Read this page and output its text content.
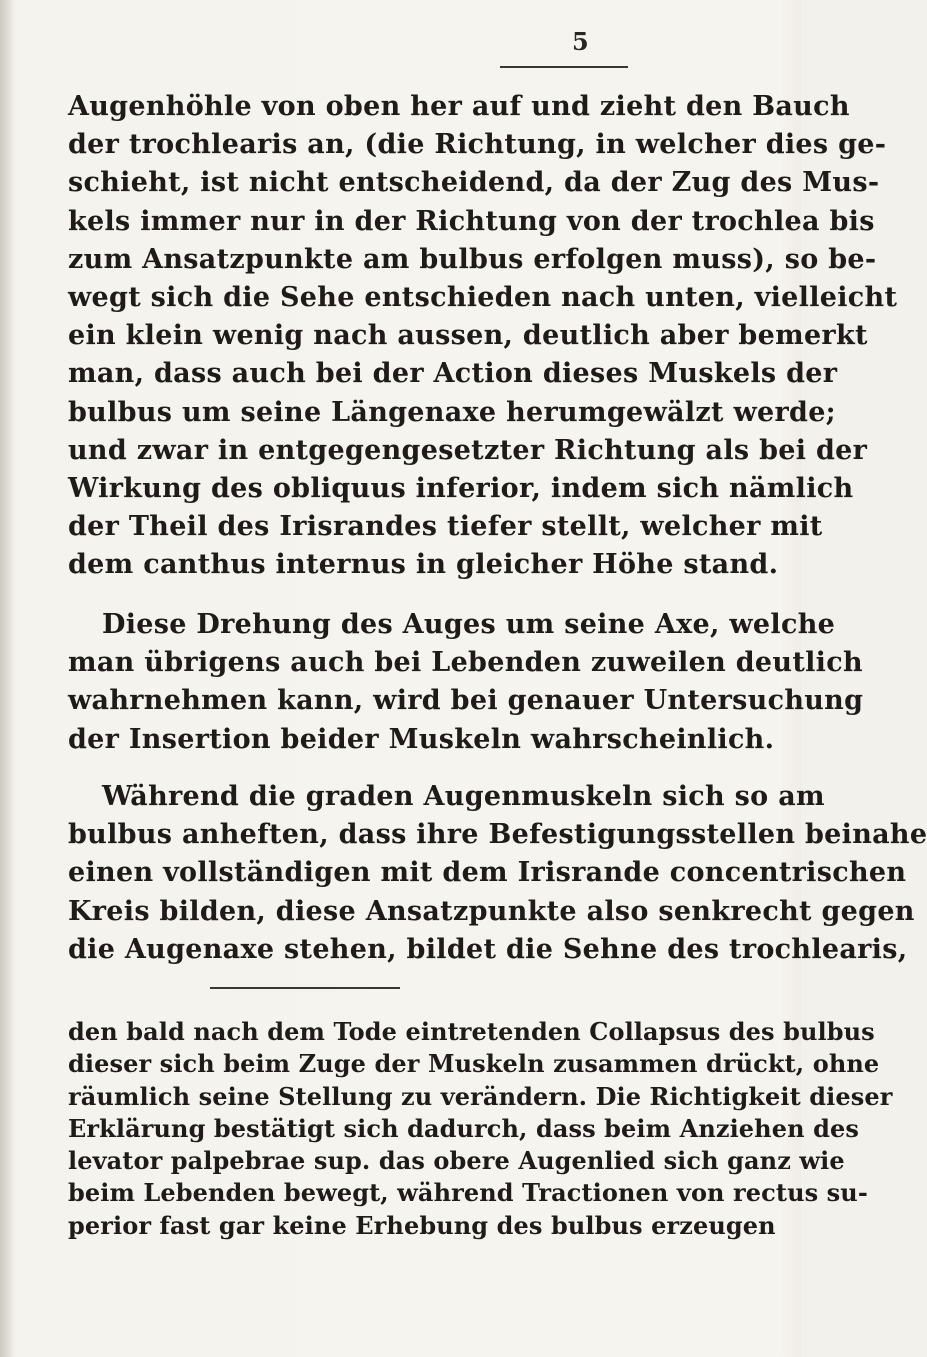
5

Augenhöhle von oben her auf und zieht den Bauch
der trochlearis an, (die Richtung, in welcher dies ge-
schieht, ist nicht entscheidend, da der Zug des Mus-
kels immer nur in der Richtung von der trochlea bis
zum Ansatzpunkte am bulbus erfolgen muss), so be-
wegt sich die Sehe entschieden nach unten, vielleicht
ein klein wenig nach aussen, deutlich aber bemerkt
man, dass auch bei der Action dieses Muskels der
bulbus um seine Längenaxe herumgewälzt werde;
und zwar in entgegengesetzter Richtung als bei der
Wirkung des obliquus inferior, indem sich nämlich
der Theil des Irisrandes tiefer stellt, welcher mit
dem canthus internus in gleicher Höhe stand.
Diese Drehung des Auges um seine Axe, welche
man übrigens auch bei Lebenden zuweilen deutlich
wahrnehmen kann, wird bei genauer Untersuchung
der Insertion beider Muskeln wahrscheinlich.
Während die graden Augenmuskeln sich so am
bulbus anheften, dass ihre Befestigungsstellen beinahe
einen vollständigen mit dem Irisrande concentrischen
Kreis bilden, diese Ansatzpunkte also senkrecht gegen
die Augenaxe stehen, bildet die Sehne des trochlearis,
den bald nach dem Tode eintretenden Collapsus des bulbus
dieser sich beim Zuge der Muskeln zusammen drückt, ohne
räumlich seine Stellung zu verändern. Die Richtigkeit dieser
Erklärung bestätigt sich dadurch, dass beim Anziehen des
levator palpebrae sup. das obere Augenlied sich ganz wie
beim Lebenden bewegt, während Tractionen von rectus su-
perior fast gar keine Erhebung des bulbus erzeugen
